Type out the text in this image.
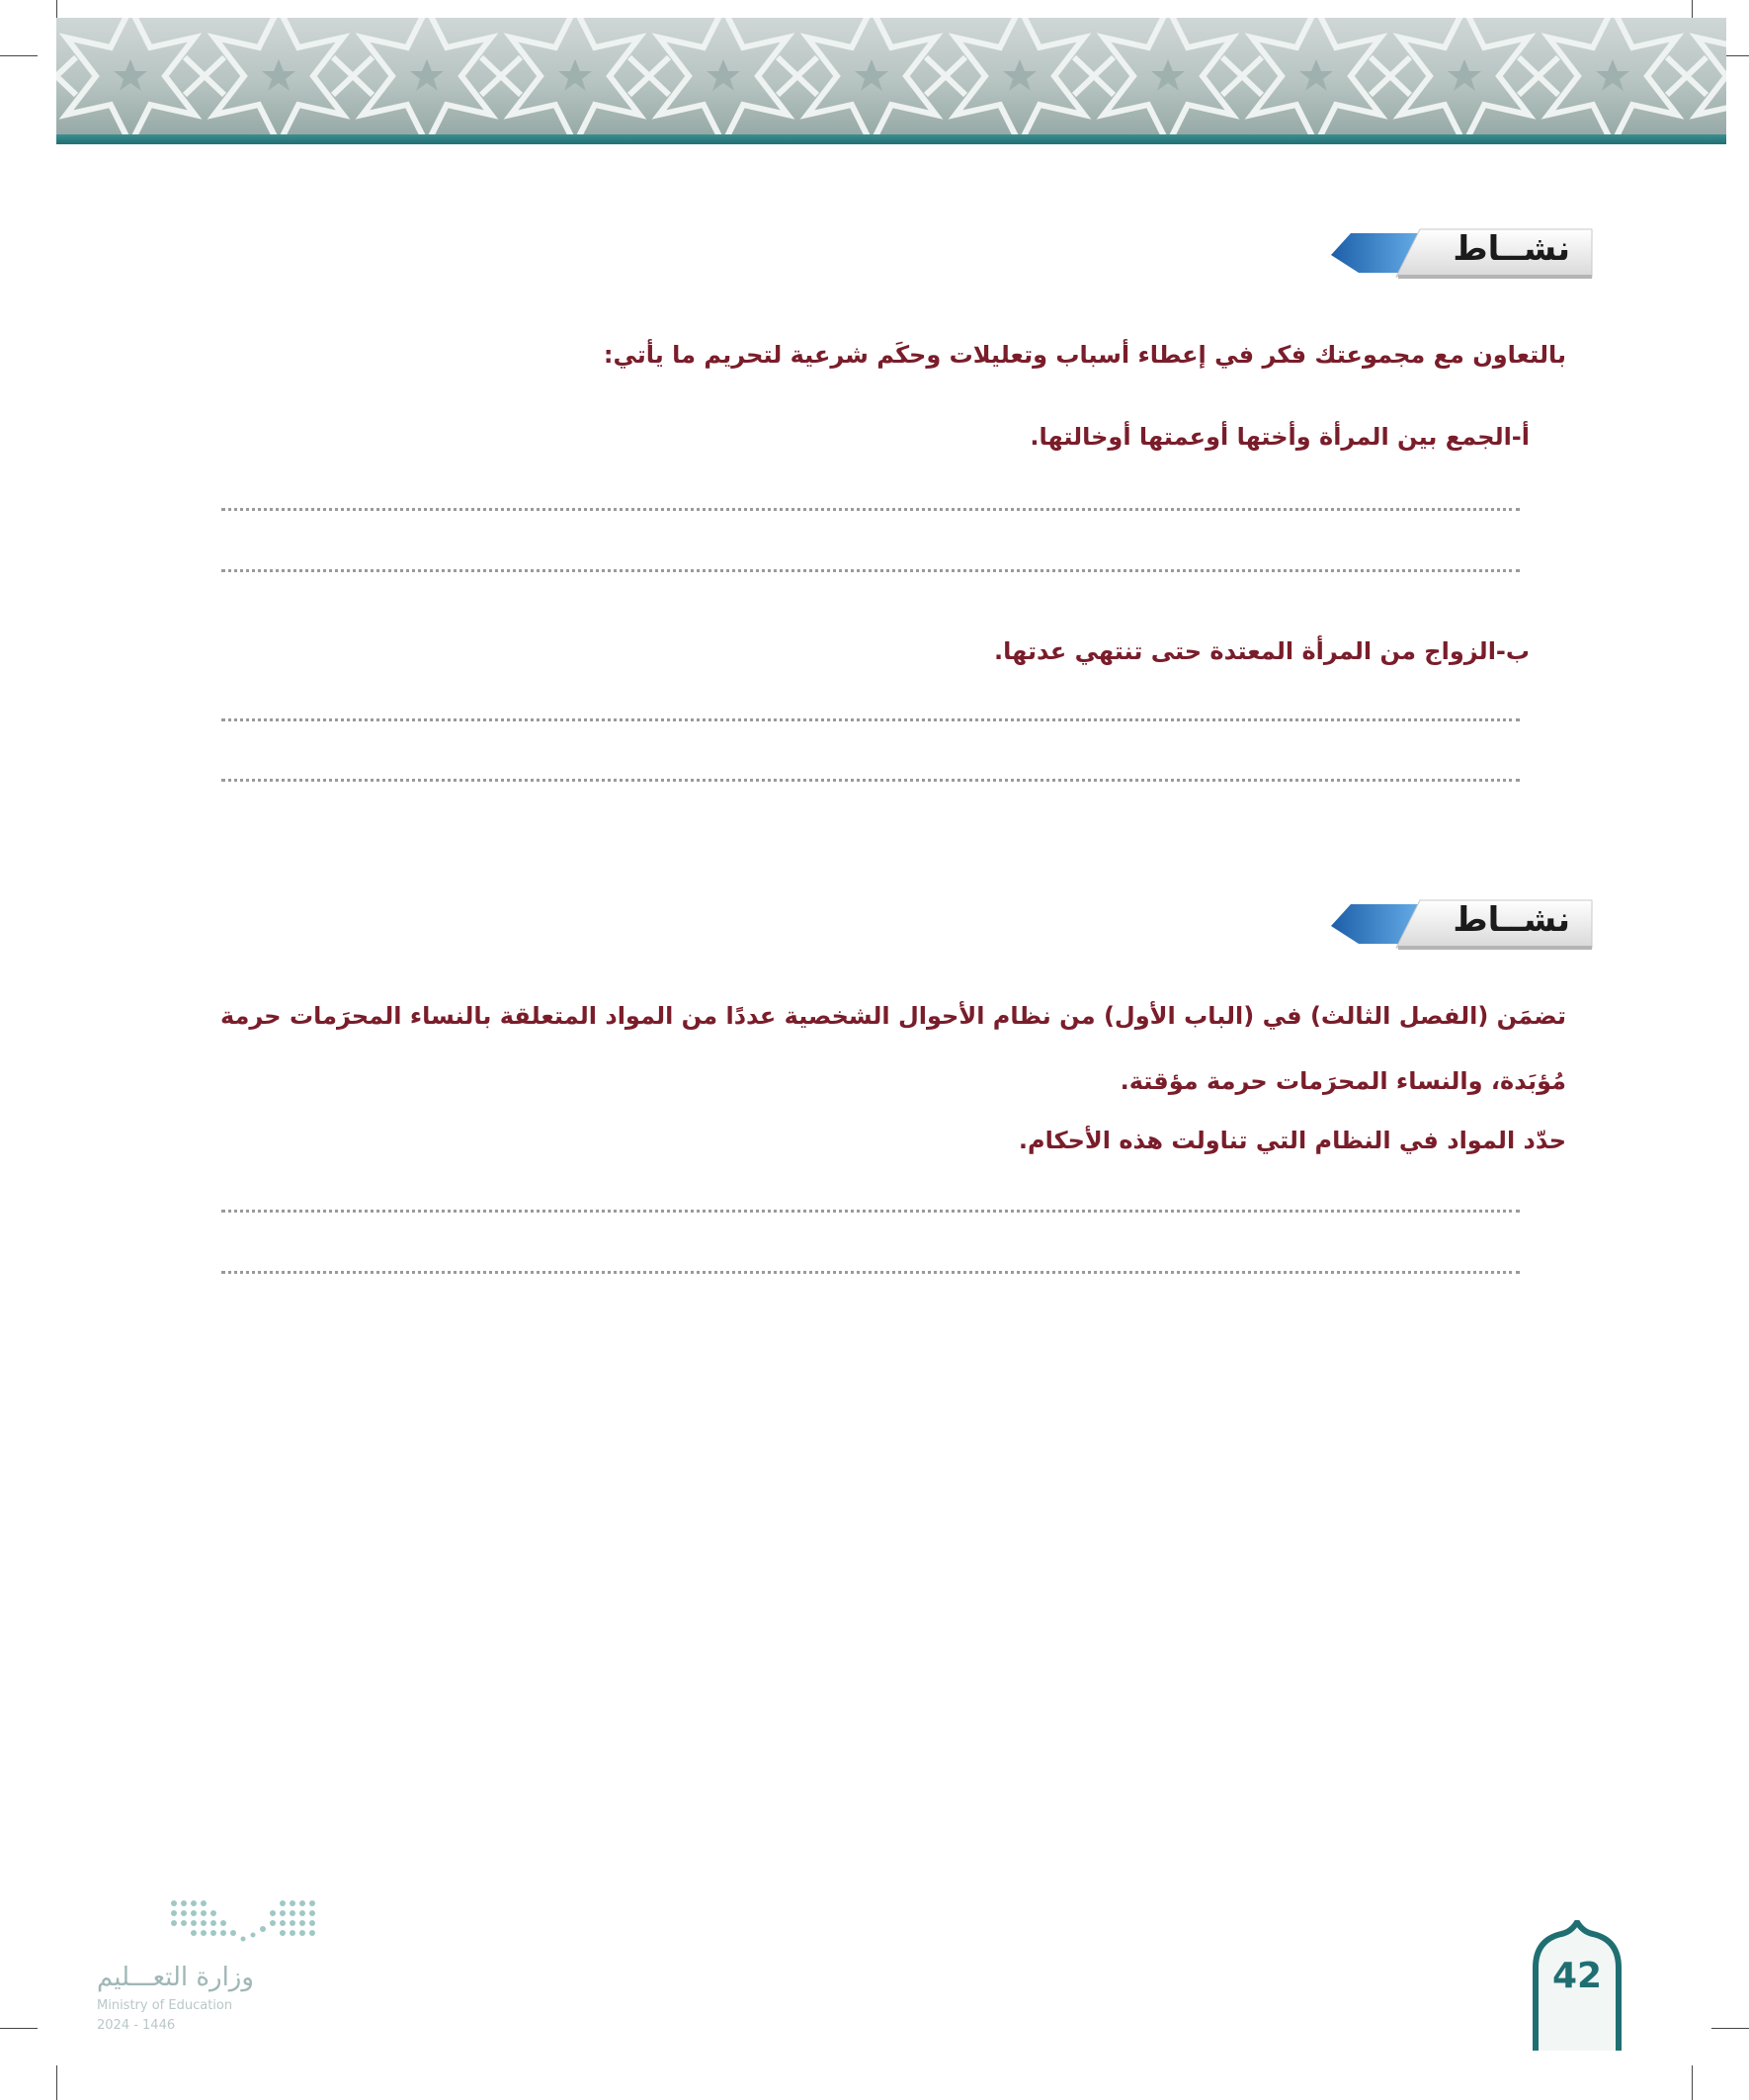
نشــاط
بالتعاون مع مجموعتك فكر في إعطاء أسباب وتعليلات وحكَم شرعية لتحريم ما يأتي:
أ-الجمع بين المرأة وأختها أوعمتها أوخالتها.
ب-الزواج من المرأة المعتدة حتى تنتهي عدتها.
نشــاط
تضمَن (الفصل الثالث) في (الباب الأول) من نظام الأحوال الشخصية عددًا من المواد المتعلقة بالنساء المحرَمات حرمة
مُؤبَدة، والنساء المحرَمات حرمة مؤقتة.
حدّد المواد في النظام التي تناولت هذه الأحكام.
وزارة التعـــليم
Ministry of Education
2024 - 1446
42
